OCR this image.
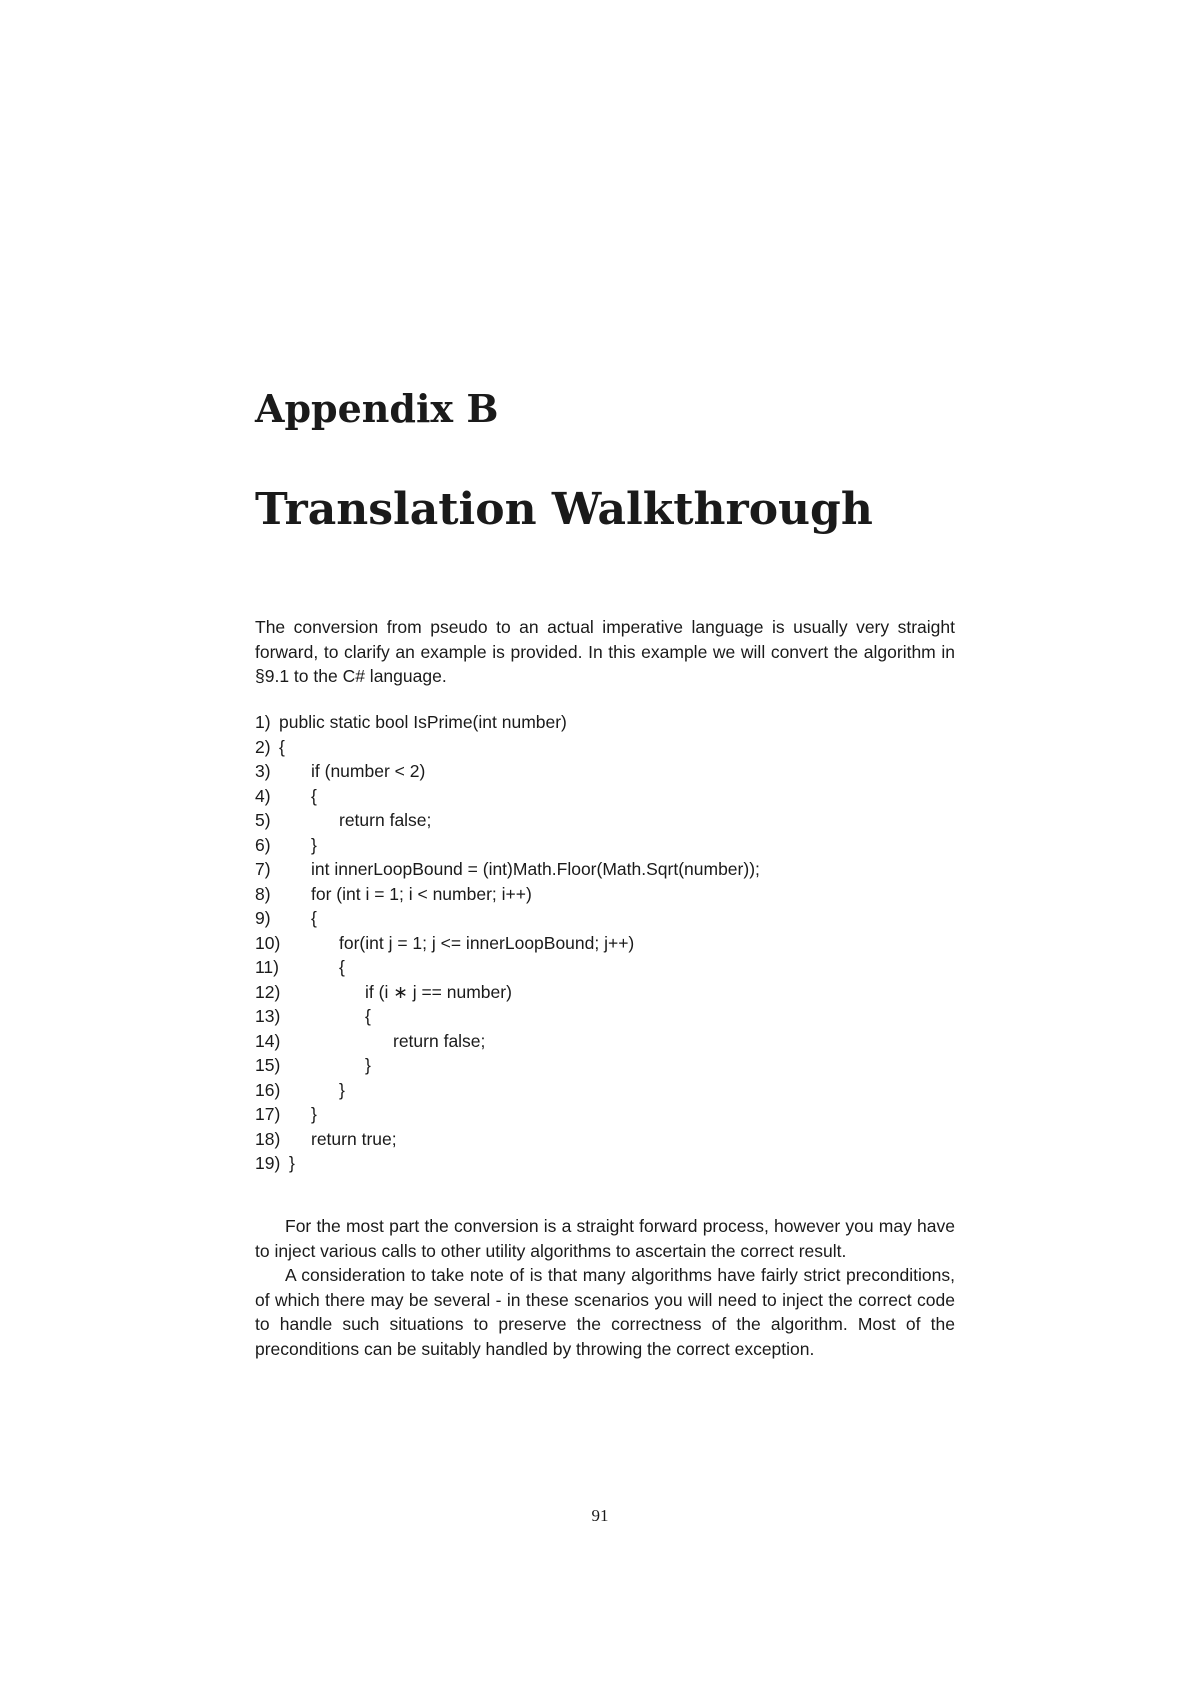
Appendix B
Translation Walkthrough
The conversion from pseudo to an actual imperative language is usually very straight forward, to clarify an example is provided. In this example we will convert the algorithm in §9.1 to the C# language.
1) public static bool IsPrime(int number)
2) {
3) if (number < 2)
4) {
5)	return false;
6) }
7) int innerLoopBound = (int)Math.Floor(Math.Sqrt(number));
8) for (int i = 1; i < number; i++)
9) {
10)	for(int j = 1; j <= innerLoopBound; j++)
11)	{
12)	if (i ∗ j == number)
13)	{
14)	return false;
15)	}
16)	}
17) }
18) return true;
19) }

For the most part the conversion is a straight forward process, however you may have to inject various calls to other utility algorithms to ascertain the correct result.

A consideration to take note of is that many algorithms have fairly strict preconditions, of which there may be several - in these scenarios you will need to inject the correct code to handle such situations to preserve the correctness of the algorithm. Most of the preconditions can be suitably handled by throwing the correct exception.

91
